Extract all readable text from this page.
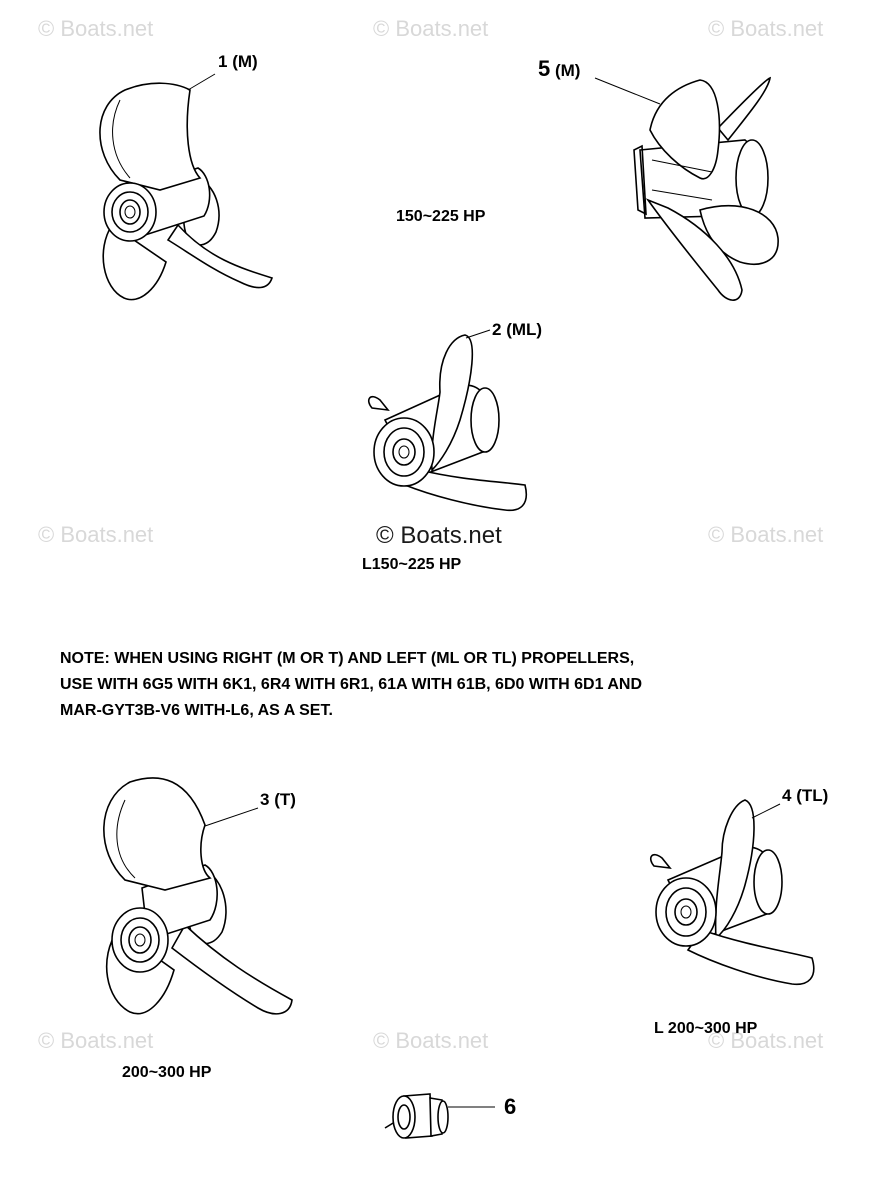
© Boats.net	© Boats.net	© Boats.net
© Boats.net	© Boats.net
© Boats.net	© Boats.net	© Boats.net
1 (M)	5 (M)
2 (ML)
3 (T)	4 (TL)
6
150~225 HP
© Boats.net
L150~225 HP
200~300 HP
L 200~300 HP
NOTE: WHEN USING RIGHT (M OR T) AND LEFT (ML OR TL) PROPELLERS,
USE WITH 6G5 WITH 6K1, 6R4 WITH 6R1, 61A WITH 61B, 6D0 WITH 6D1 AND
MAR-GYT3B-V6 WITH-L6, AS A SET.
